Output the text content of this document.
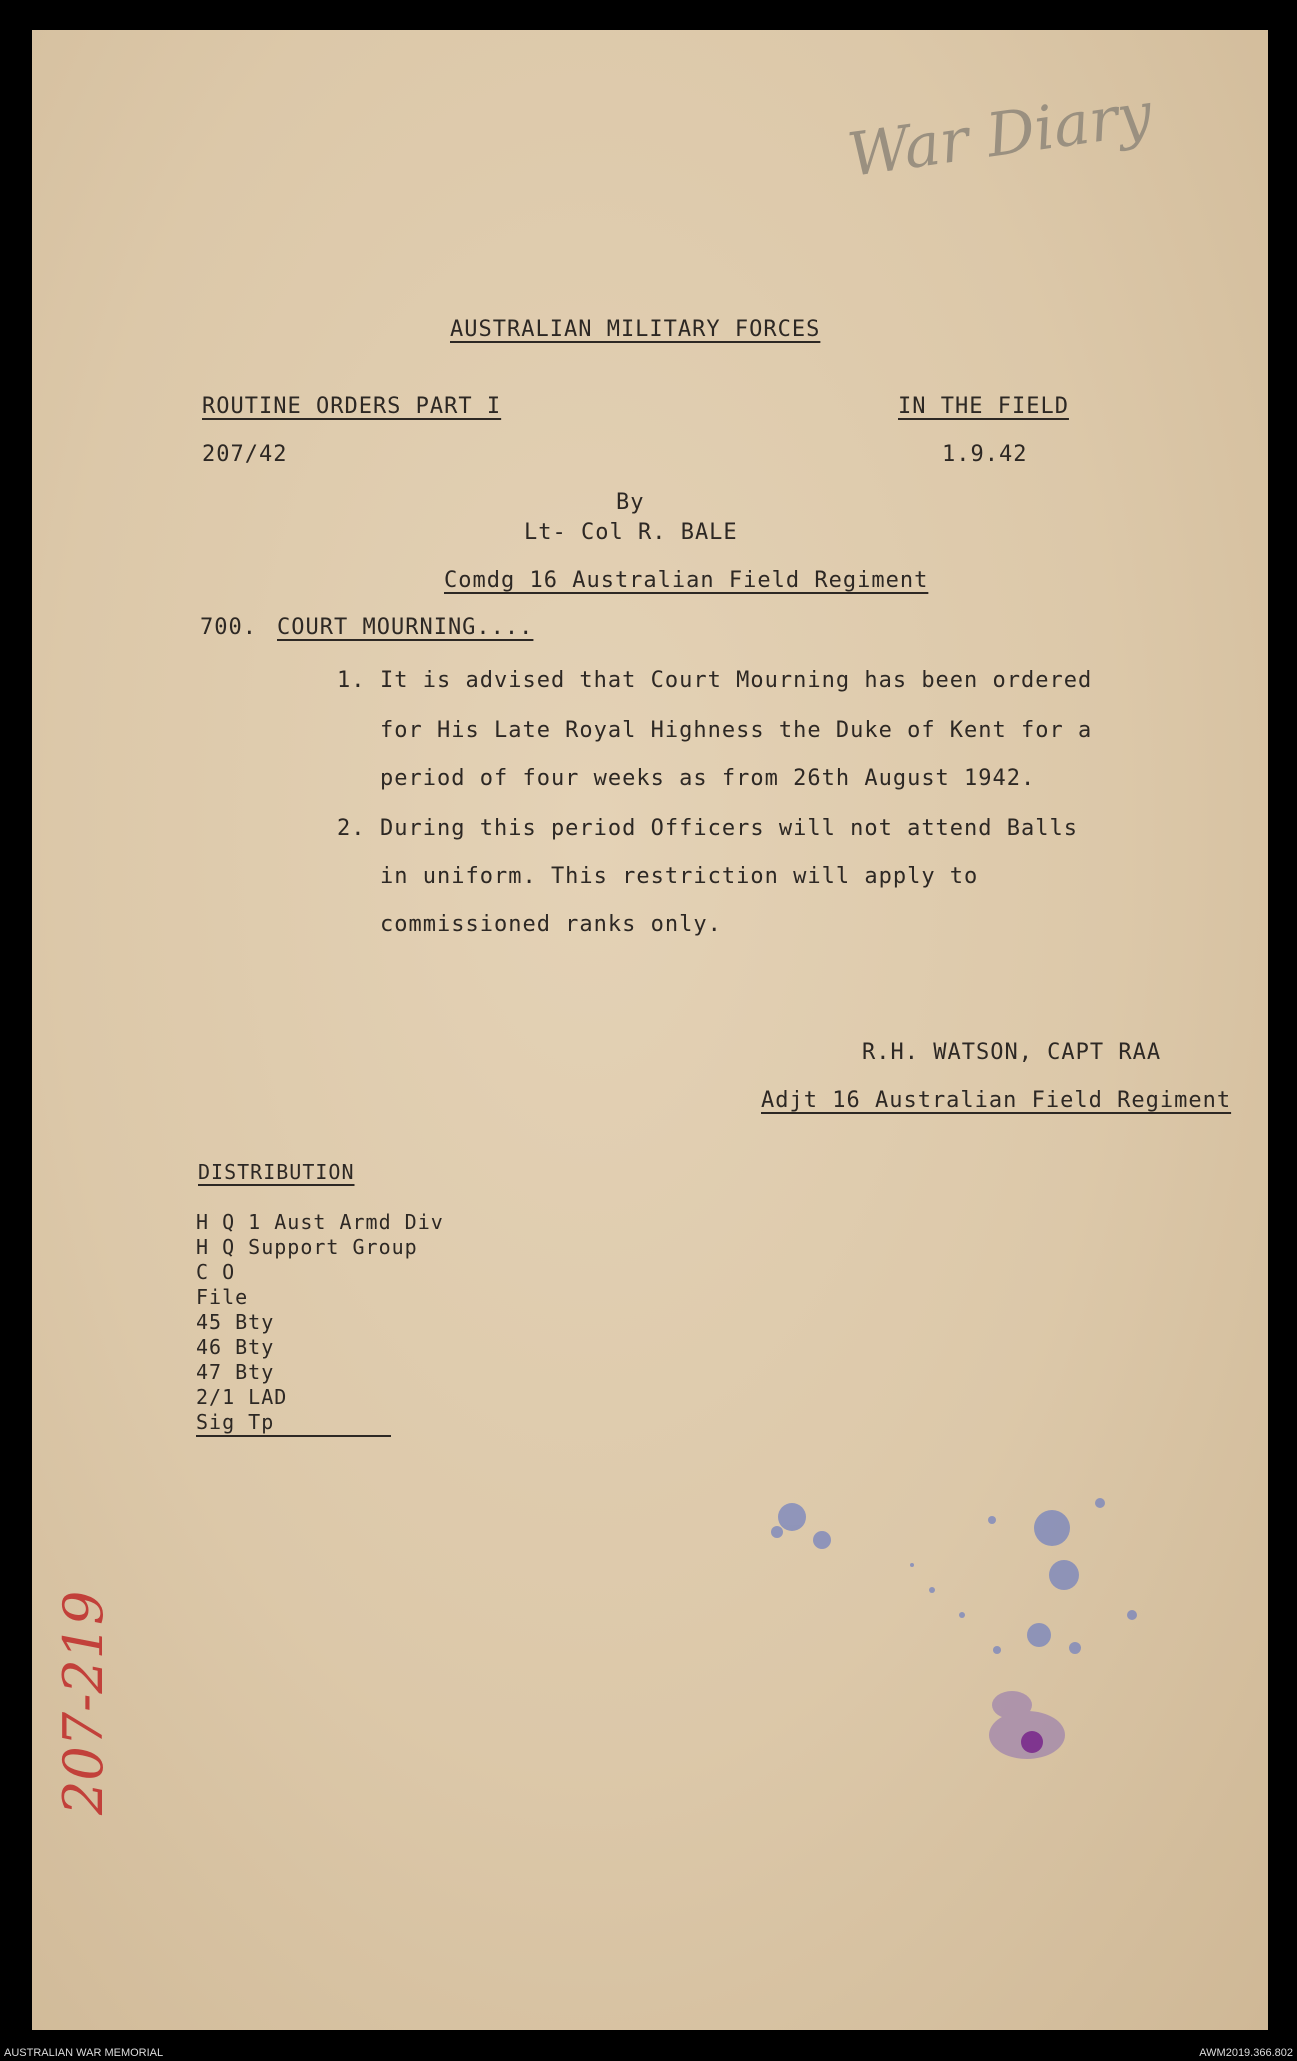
War Diary
AUSTRALIAN MILITARY FORCES
ROUTINE ORDERS PART I	IN THE FIELD
207/42	1.9.42
By
Lt- Col R. BALE
Comdg 16 Australian Field Regiment
700. COURT MOURNING....
1. It is advised that Court Mourning has been ordered
for His Late Royal Highness the Duke of Kent for a
period of four weeks as from 26th August 1942.
2. During this period Officers will not attend Balls
in uniform. This restriction will apply to
commissioned ranks only.
R.H. WATSON, CAPT RAA
Adjt 16 Australian Field Regiment
DISTRIBUTION
H Q 1 Aust Armd Div
H Q Support Group
C O
File
45 Bty
46 Bty
47 Bty
2/1 LAD
Sig Tp
207-219
AUSTRALIAN WAR MEMORIAL	AWM2019.366.802
